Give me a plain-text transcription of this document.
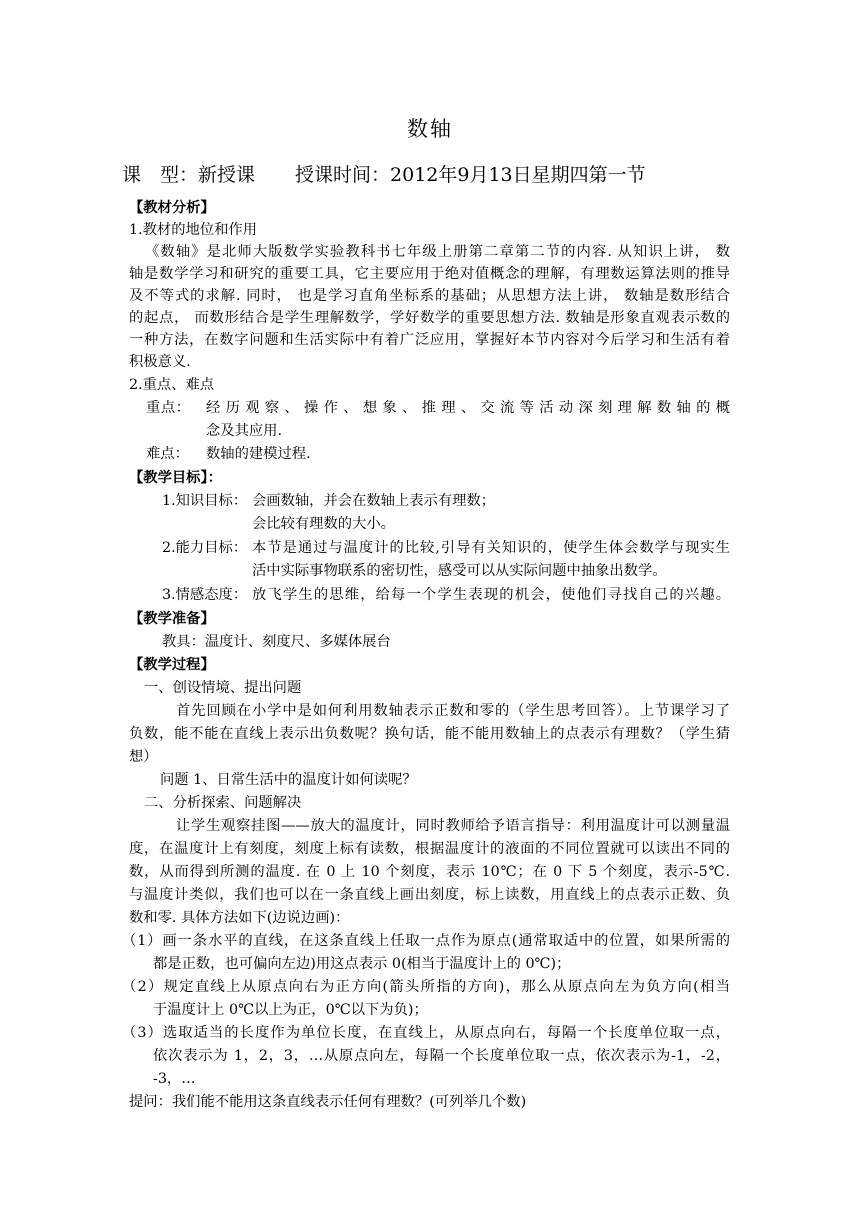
数轴
课　型：新授课 授课时间：2012年9月13日星期四第一节
【教材分析】
1.教材的地位和作用
《数轴》是北师大版数学实验教科书七年级上册第二章第二节的内容. 从知识上讲， 数
轴是数学学习和研究的重要工具，它主要应用于绝对值概念的理解，有理数运算法则的推导
及不等式的求解. 同时， 也是学习直角坐标系的基础；从思想方法上讲， 数轴是数形结合
的起点， 而数形结合是学生理解数学，学好数学的重要思想方法. 数轴是形象直观表示数的
一种方法，在数字问题和生活实际中有着广泛应用，掌握好本节内容对今后学习和生活有着
积极意义.
2.重点、难点
重点： 经历观察、操作、想象、推理、交流等活动深刻理解数轴的概
念及其应用.
难点： 数轴的建模过程.
【教学目标】：
1.知识目标： 会画数轴，并会在数轴上表示有理数；
会比较有理数的大小。
2.能力目标： 本节是通过与温度计的比较,引导有关知识的，使学生体会数学与现实生
活中实际事物联系的密切性，感受可以从实际问题中抽象出数学。
3.情感态度： 放飞学生的思维，给每一个学生表现的机会，使他们寻找自己的兴趣。
【教学准备】
教具：温度计、刻度尺、多媒体展台
【教学过程】
一、创设情境、提出问题
首先回顾在小学中是如何利用数轴表示正数和零的（学生思考回答）。上节课学习了
负数，能不能在直线上表示出负数呢？换句话，能不能用数轴上的点表示有理数？（学生猜
想）
问题 1、日常生活中的温度计如何读呢？
二、分析探索、问题解决
让学生观察挂图——放大的温度计，同时教师给予语言指导：利用温度计可以测量温
度，在温度计上有刻度，刻度上标有读数，根据温度计的液面的不同位置就可以读出不同的
数，从而得到所测的温度. 在 0 上 10 个刻度，表示 10℃；在 0 下 5 个刻度，表示-5℃.
与温度计类似，我们也可以在一条直线上画出刻度，标上读数，用直线上的点表示正数、负
数和零. 具体方法如下(边说边画)：
（1）画一条水平的直线，在这条直线上任取一点作为原点(通常取适中的位置，如果所需的
都是正数，也可偏向左边)用这点表示 0(相当于温度计上的 0℃)；
（2）规定直线上从原点向右为正方向(箭头所指的方向)，那么从原点向左为负方向(相当
于温度计上 0℃以上为正，0℃以下为负)；
（3）选取适当的长度作为单位长度，在直线上，从原点向右，每隔一个长度单位取一点，
依次表示为 1，2，3，…从原点向左，每隔一个长度单位取一点，依次表示为-1，-2，
-3，…
提问：我们能不能用这条直线表示任何有理数？(可列举几个数)
